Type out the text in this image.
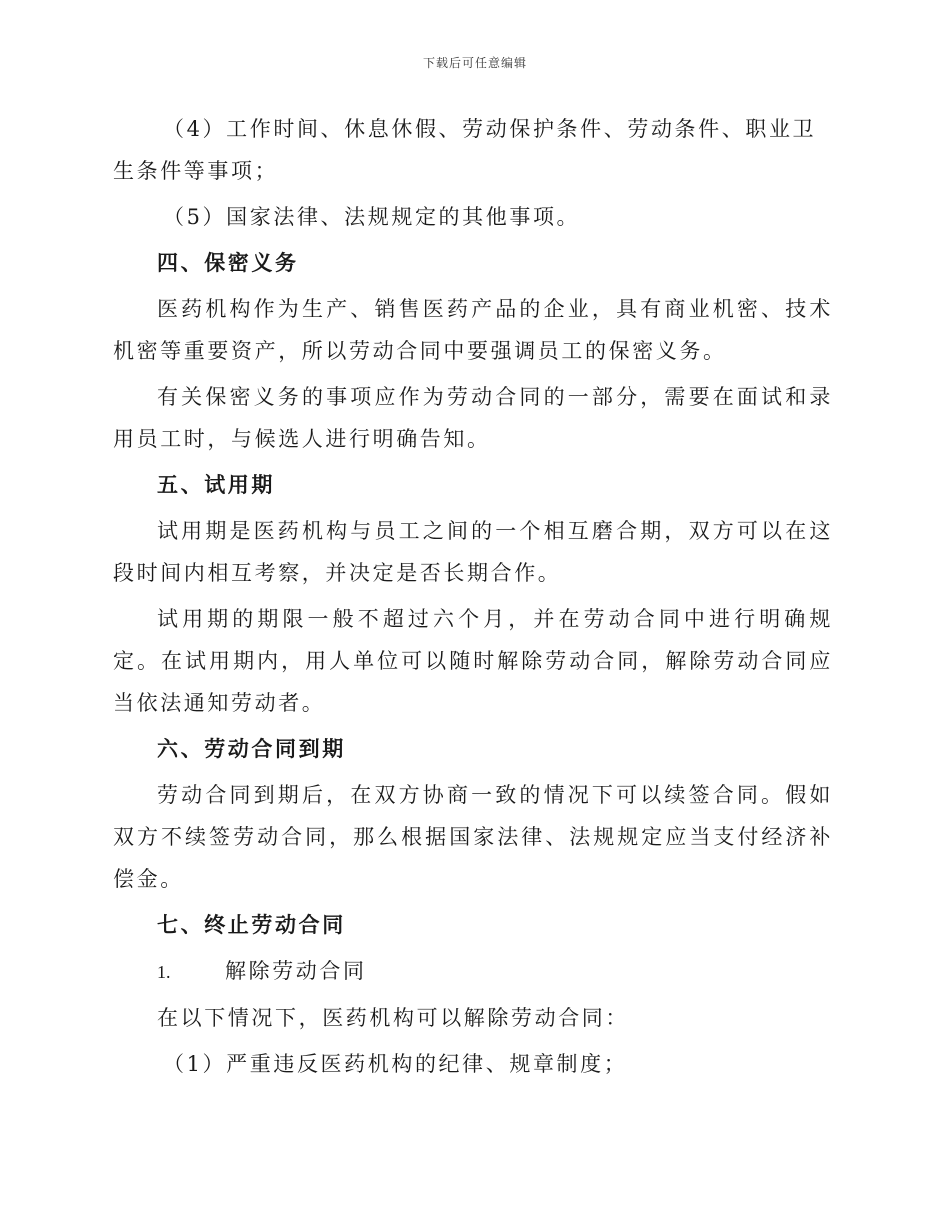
下载后可任意编辑

（4）工作时间、休息休假、劳动保护条件、劳动条件、职业卫生条件等事项；

（5）国家法律、法规规定的其他事项。

四、保密义务

医药机构作为生产、销售医药产品的企业，具有商业机密、技术机密等重要资产，所以劳动合同中要强调员工的保密义务。

有关保密义务的事项应作为劳动合同的一部分，需要在面试和录用员工时，与候选人进行明确告知。

五、试用期

试用期是医药机构与员工之间的一个相互磨合期，双方可以在这段时间内相互考察，并决定是否长期合作。

试用期的期限一般不超过六个月，并在劳动合同中进行明确规定。在试用期内，用人单位可以随时解除劳动合同，解除劳动合同应当依法通知劳动者。

六、劳动合同到期

劳动合同到期后，在双方协商一致的情况下可以续签合同。假如双方不续签劳动合同，那么根据国家法律、法规规定应当支付经济补偿金。

七、终止劳动合同

1.	解除劳动合同

在以下情况下，医药机构可以解除劳动合同：

（1）严重违反医药机构的纪律、规章制度；
